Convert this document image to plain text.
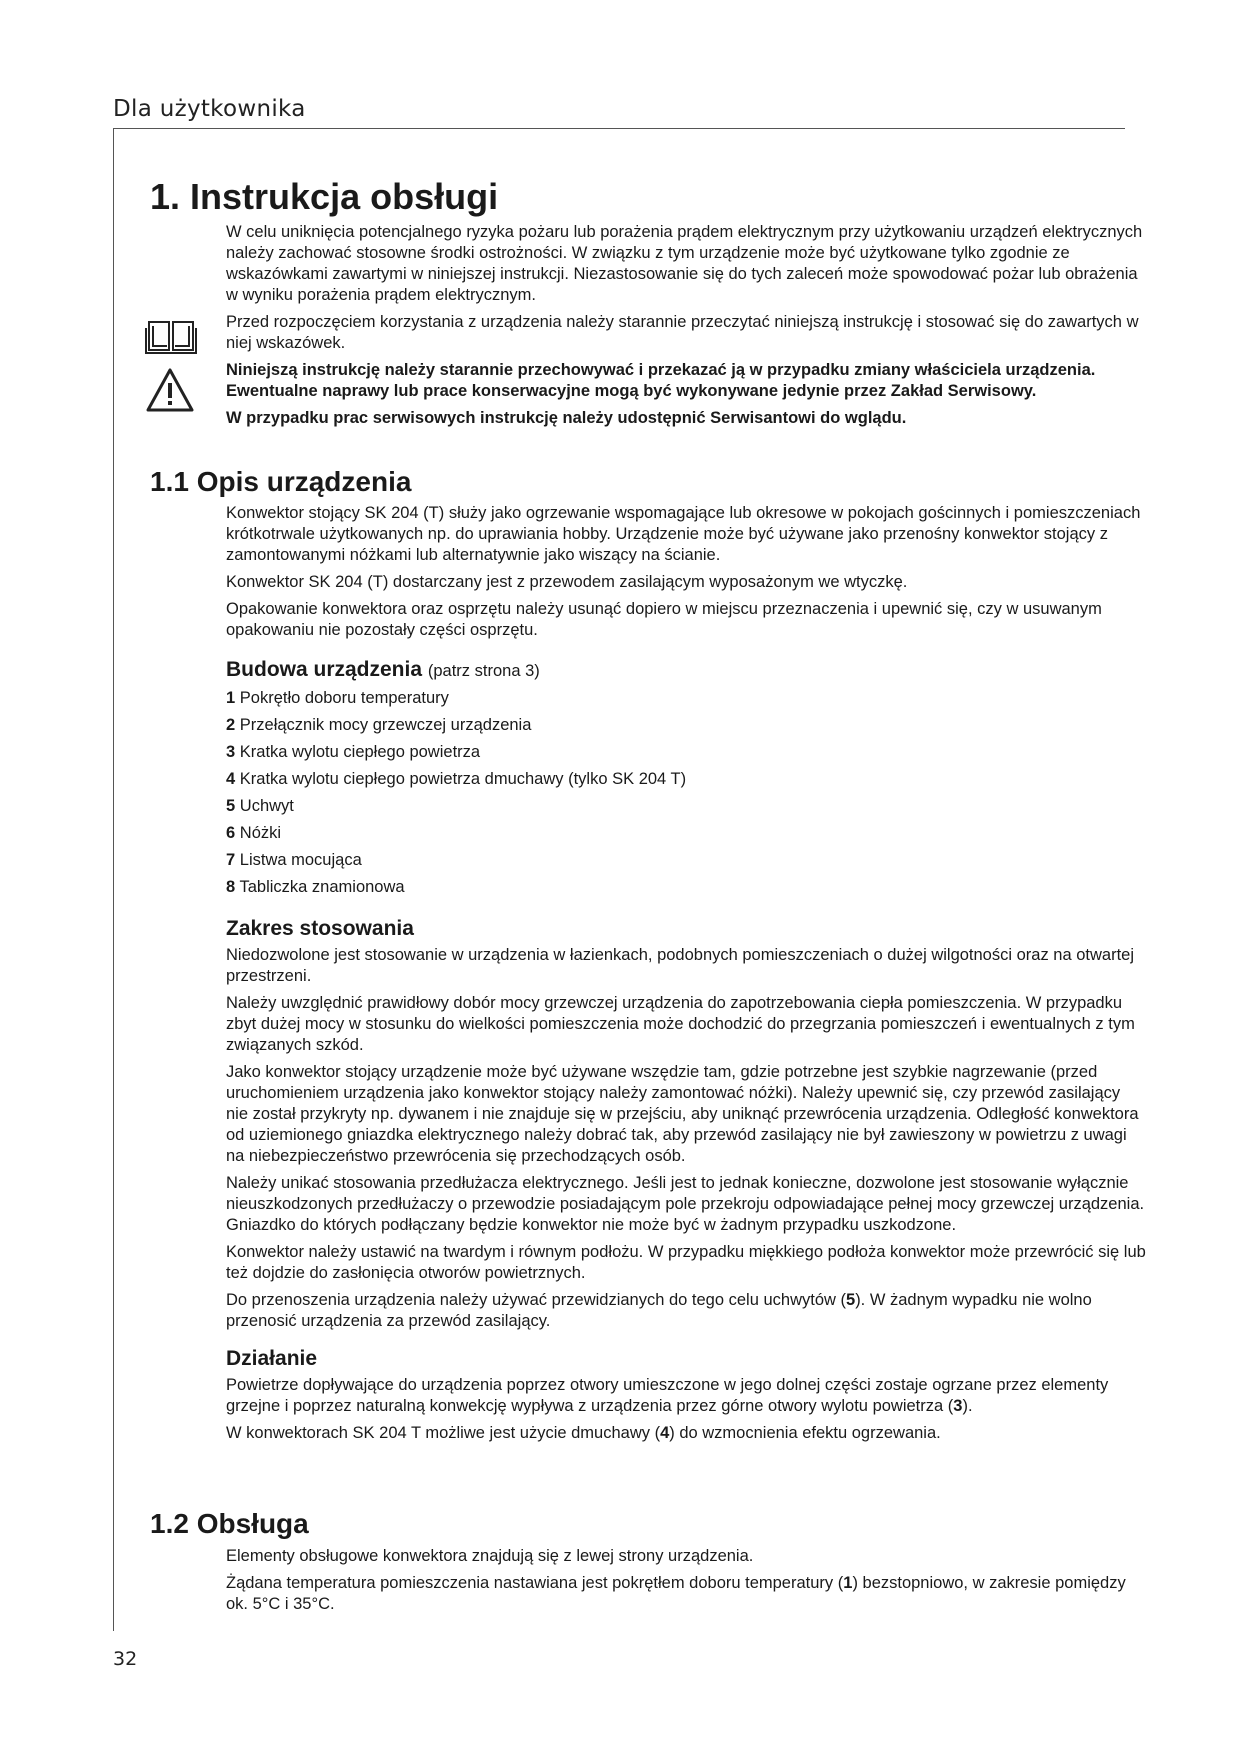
Dla użytkownika
1. Instrukcja obsługi

W celu uniknięcia potencjalnego ryzyka pożaru lub porażenia prądem elektrycznym przy użytkowaniu urządzeń elektrycznych należy zachować stosowne środki ostrożności. W związku z tym urządzenie może być użytkowane tylko zgodnie ze wskazówkami zawartymi w niniejszej instrukcji. Niezastosowanie się do tych zaleceń może spowodować pożar lub obrażenia w wyniku porażenia prądem elektrycznym.

Przed rozpoczęciem korzystania z urządzenia należy starannie przeczytać niniejszą instrukcję i stosować się do zawartych w niej wskazówek.

Niniejszą instrukcję należy starannie przechowywać i przekazać ją w przypadku zmiany właściciela urządzenia. Ewentualne naprawy lub prace konserwacyjne mogą być wykonywane jedynie przez Zakład Serwisowy.

W przypadku prac serwisowych instrukcję należy udostępnić Serwisantowi do wglądu.

1.1 Opis urządzenia

Konwektor stojący SK 204 (T) służy jako ogrzewanie wspomagające lub okresowe w pokojach gościnnych i pomieszczeniach krótkotrwale użytkowanych np. do uprawiania hobby. Urządzenie może być używane jako przenośny konwektor stojący z zamontowanymi nóżkami lub alternatywnie jako wiszący na ścianie.

Konwektor SK 204 (T) dostarczany jest z przewodem zasilającym wyposażonym we wtyczkę.

Opakowanie konwektora oraz osprzętu należy usunąć dopiero w miejscu przeznaczenia i upewnić się, czy w usuwanym opakowaniu nie pozostały części osprzętu.

Budowa urządzenia (patrz strona 3)
1 Pokrętło doboru temperatury
2 Przełącznik mocy grzewczej urządzenia
3 Kratka wylotu ciepłego powietrza
4 Kratka wylotu ciepłego powietrza dmuchawy (tylko SK 204 T)
5 Uchwyt
6 Nóżki
7 Listwa mocująca
8 Tabliczka znamionowa
Zakres stosowania

Niedozwolone jest stosowanie w urządzenia w łazienkach, podobnych pomieszczeniach o dużej wilgotności oraz na otwartej przestrzeni.

Należy uwzględnić prawidłowy dobór mocy grzewczej urządzenia do zapotrzebowania ciepła pomieszczenia. W przypadku zbyt dużej mocy w stosunku do wielkości pomieszczenia może dochodzić do przegrzania pomieszczeń i ewentualnych z tym związanych szkód.

Jako konwektor stojący urządzenie może być używane wszędzie tam, gdzie potrzebne jest szybkie nagrzewanie (przed uruchomieniem urządzenia jako konwektor stojący należy zamontować nóżki). Należy upewnić się, czy przewód zasilający nie został przykryty np. dywanem i nie znajduje się w przejściu, aby uniknąć przewrócenia urządzenia. Odległość konwektora od uziemionego gniazdka elektrycznego należy dobrać tak, aby przewód zasilający nie był zawieszony w powietrzu z uwagi na niebezpieczeństwo przewrócenia się przechodzących osób.

Należy unikać stosowania przedłużacza elektrycznego. Jeśli jest to jednak konieczne, dozwolone jest stosowanie wyłącznie nieuszkodzonych przedłużaczy o przewodzie posiadającym pole przekroju odpowiadające pełnej mocy grzewczej urządzenia. Gniazdko do których podłączany będzie konwektor nie może być w żadnym przypadku uszkodzone.

Konwektor należy ustawić na twardym i równym podłożu. W przypadku miękkiego podłoża konwektor może przewrócić się lub też dojdzie do zasłonięcia otworów powietrznych.

Do przenoszenia urządzenia należy używać przewidzianych do tego celu uchwytów (5). W żadnym wypadku nie wolno przenosić urządzenia za przewód zasilający.

Działanie

Powietrze dopływające do urządzenia poprzez otwory umieszczone w jego dolnej części zostaje ogrzane przez elementy grzejne i poprzez naturalną konwekcję wypływa z urządzenia przez górne otwory wylotu powietrza (3).

W konwektorach SK 204 T możliwe jest użycie dmuchawy (4) do wzmocnienia efektu ogrzewania.

1.2 Obsługa

Elementy obsługowe konwektora znajdują się z lewej strony urządzenia.

Żądana temperatura pomieszczenia nastawiana jest pokrętłem doboru temperatury (1) bezstopniowo, w zakresie pomiędzy ok. 5°C i 35°C.

32
